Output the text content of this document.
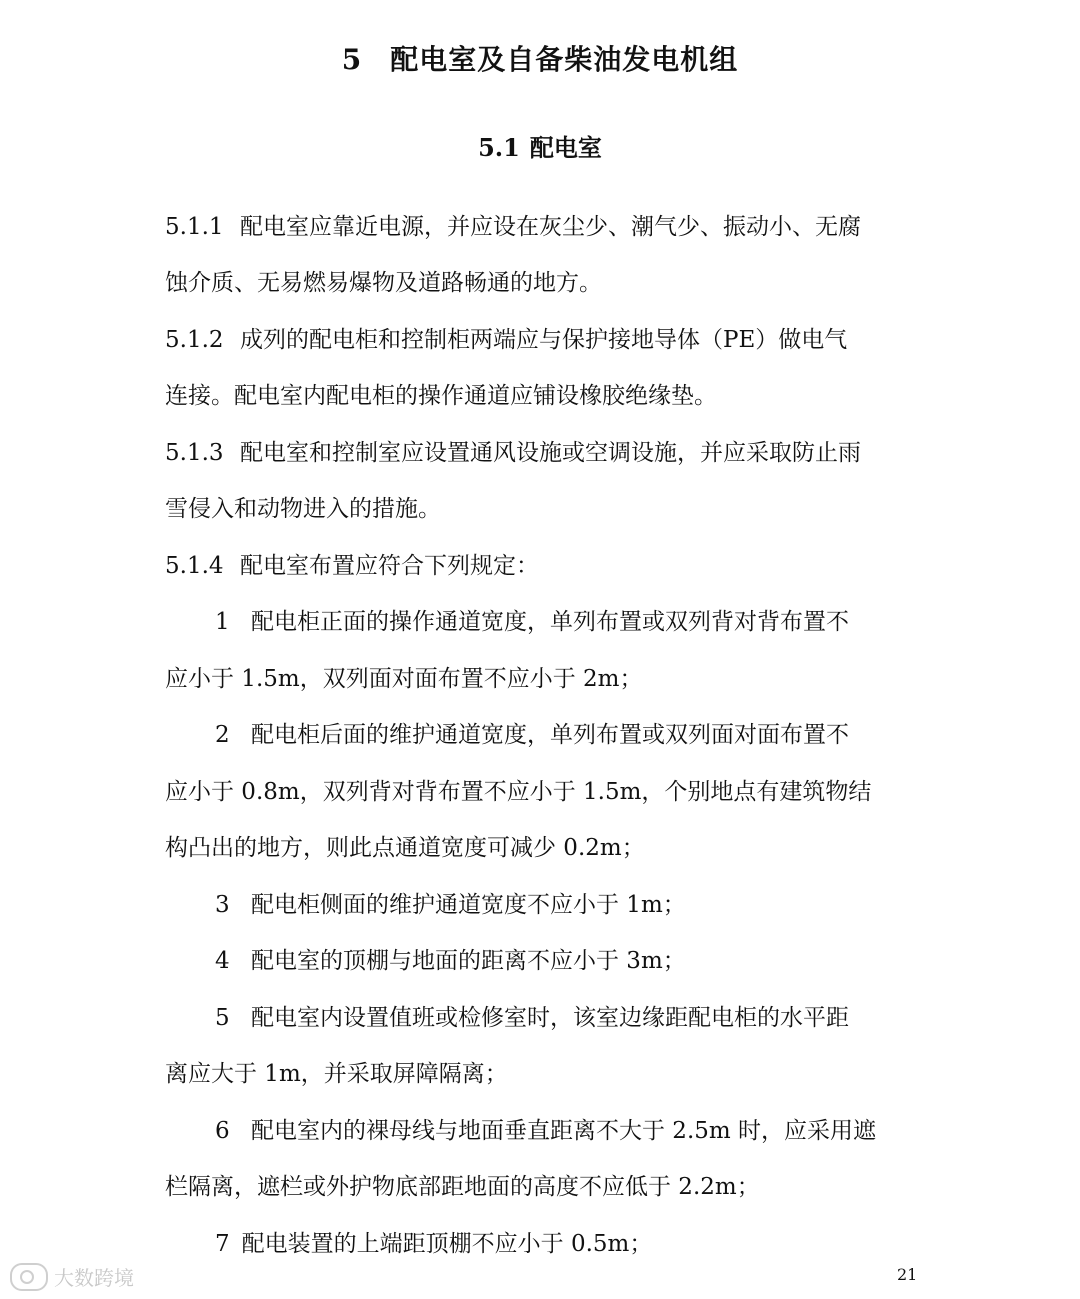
5 配电室及自备柴油发电机组
5.1 配电室
5.1.1 配电室应靠近电源，并应设在灰尘少、潮气少、振动小、无腐
蚀介质、无易燃易爆物及道路畅通的地方。
5.1.2 成列的配电柜和控制柜两端应与保护接地导体（PE）做电气
连接。配电室内配电柜的操作通道应铺设橡胶绝缘垫。
5.1.3 配电室和控制室应设置通风设施或空调设施，并应采取防止雨
雪侵入和动物进入的措施。
5.1.4 配电室布置应符合下列规定：
1 配电柜正面的操作通道宽度，单列布置或双列背对背布置不
应小于 1.5m，双列面对面布置不应小于 2m；
2 配电柜后面的维护通道宽度，单列布置或双列面对面布置不
应小于 0.8m，双列背对背布置不应小于 1.5m，个别地点有建筑物结
构凸出的地方，则此点通道宽度可减少 0.2m；
3 配电柜侧面的维护通道宽度不应小于 1m；
4 配电室的顶棚与地面的距离不应小于 3m；
5 配电室内设置值班或检修室时，该室边缘距配电柜的水平距
离应大于 1m，并采取屏障隔离；
6 配电室内的裸母线与地面垂直距离不大于 2.5m 时，应采用遮
栏隔离，遮栏或外护物底部距地面的高度不应低于 2.2m；
7 配电装置的上端距顶棚不应小于 0.5m；
大数跨境	21
